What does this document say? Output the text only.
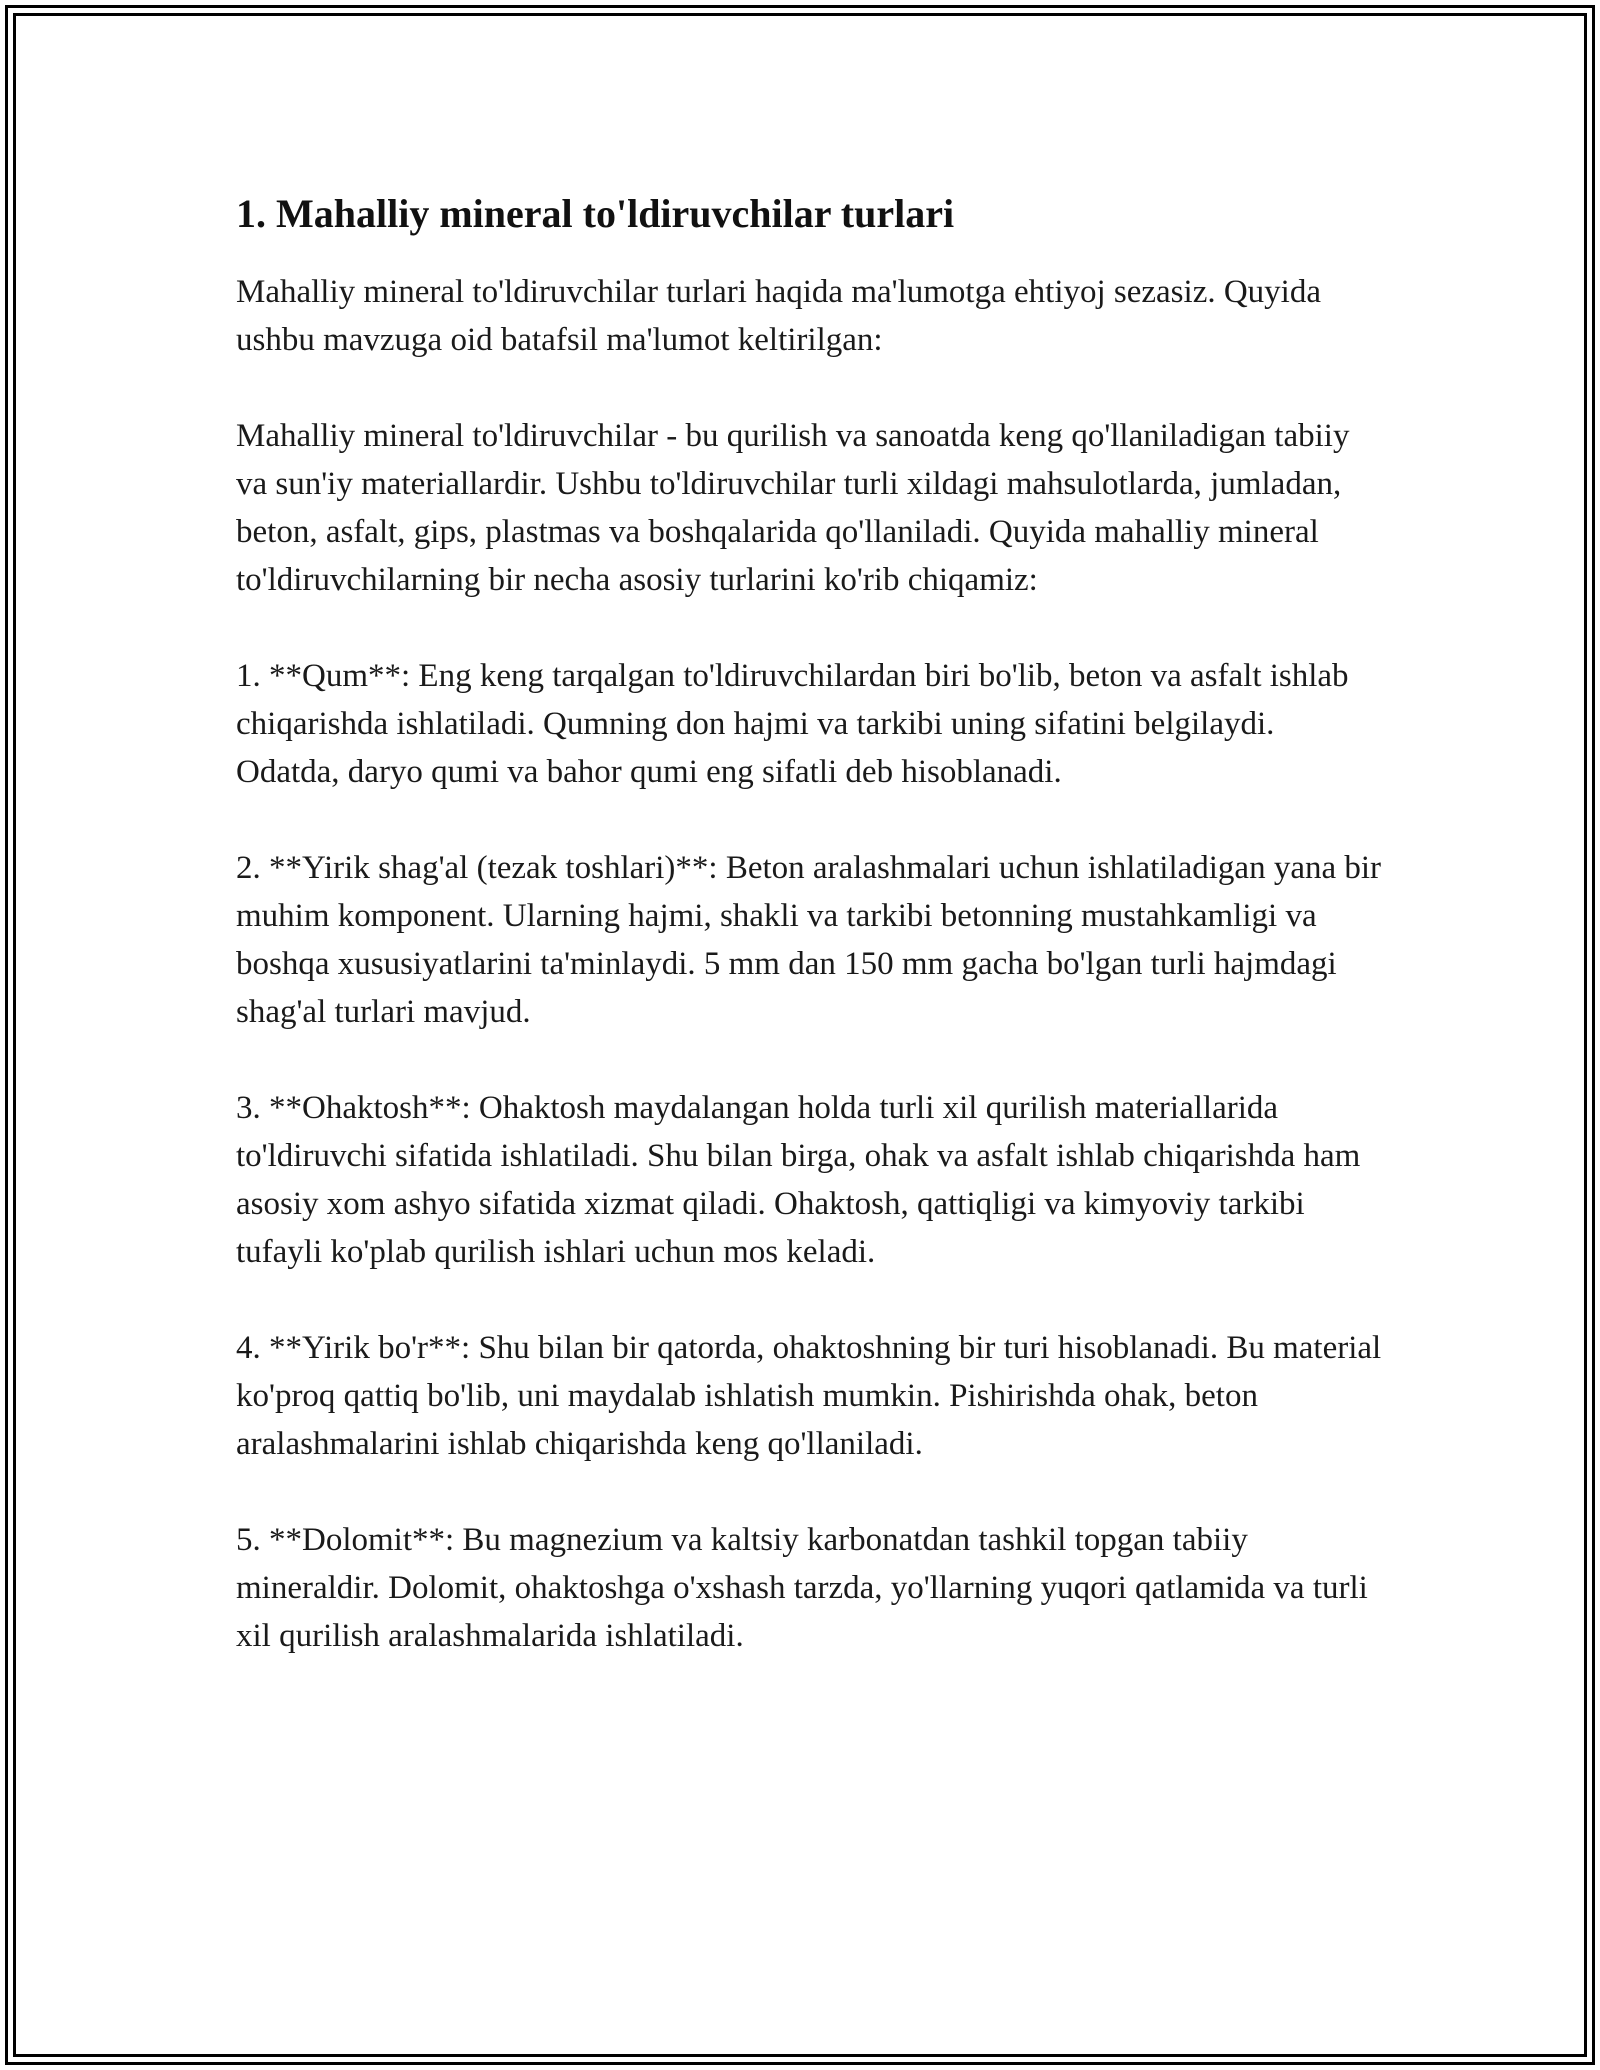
1. Mahalliy mineral to'ldiruvchilar turlari

Mahalliy mineral to'ldiruvchilar turlari haqida ma'lumotga ehtiyoj sezasiz. Quyida ushbu mavzuga oid batafsil ma'lumot keltirilgan:

Mahalliy mineral to'ldiruvchilar - bu qurilish va sanoatda keng qo'llaniladigan tabiiy va sun'iy materiallardir. Ushbu to'ldiruvchilar turli xildagi mahsulotlarda, jumladan, beton, asfalt, gips, plastmas va boshqalarida qo'llaniladi. Quyida mahalliy mineral to'ldiruvchilarning bir necha asosiy turlarini ko'rib chiqamiz:

1. **Qum**: Eng keng tarqalgan to'ldiruvchilardan biri bo'lib, beton va asfalt ishlab chiqarishda ishlatiladi. Qumning don hajmi va tarkibi uning sifatini belgilaydi. Odatda, daryo qumi va bahor qumi eng sifatli deb hisoblanadi.

2. **Yirik shag'al (tezak toshlari)**: Beton aralashmalari uchun ishlatiladigan yana bir muhim komponent. Ularning hajmi, shakli va tarkibi betonning mustahkamligi va boshqa xususiyatlarini ta'minlaydi. 5 mm dan 150 mm gacha bo'lgan turli hajmdagi shag'al turlari mavjud.

3. **Ohaktosh**: Ohaktosh maydalangan holda turli xil qurilish materiallarida to'ldiruvchi sifatida ishlatiladi. Shu bilan birga, ohak va asfalt ishlab chiqarishda ham asosiy xom ashyo sifatida xizmat qiladi. Ohaktosh, qattiqligi va kimyoviy tarkibi tufayli ko'plab qurilish ishlari uchun mos keladi.

4. **Yirik bo'r**: Shu bilan bir qatorda, ohaktoshning bir turi hisoblanadi. Bu material ko'proq qattiq bo'lib, uni maydalab ishlatish mumkin. Pishirishda ohak, beton aralashmalarini ishlab chiqarishda keng qo'llaniladi.

5. **Dolomit**: Bu magnezium va kaltsiy karbonatdan tashkil topgan tabiiy mineraldir. Dolomit, ohaktoshga o'xshash tarzda, yo'llarning yuqori qatlamida va turli xil qurilish aralashmalarida ishlatiladi.
